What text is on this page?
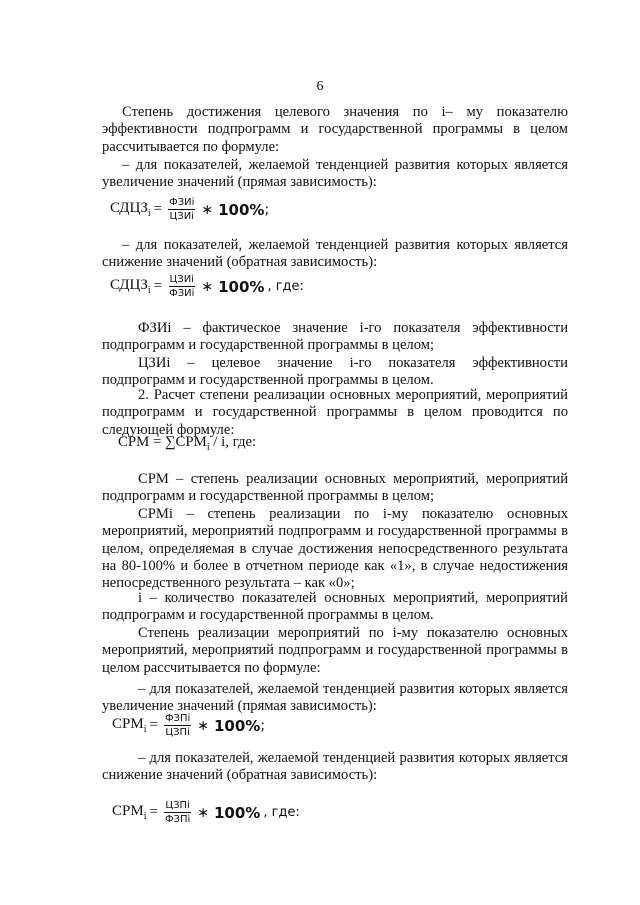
6

Степень достижения целевого значения по i– му показателю эффективности подпрограмм и государственной программы в целом рассчитывается по формуле:

– для показателей, желаемой тенденцией развития которых является увеличение значений (прямая зависимость):

$СДЦЗ_i = \frac{\text{ФЗИi}}{\text{ЦЗИi}}$ ∗ 100% ;

– для показателей, желаемой тенденцией развития которых является снижение значений (обратная зависимость):

$СДЦЗ_i = \frac{\text{ЦЗИi}}{\text{ФЗИi}}$ ∗ 100% , где:

ФЗИi – фактическое значение i-го показателя эффективности подпрограмм и государственной программы в целом;

ЦЗИi – целевое значение i-го показателя эффективности подпрограмм и государственной программы в целом.

2. Расчет степени реализации основных мероприятий, мероприятий подпрограмм и государственной программы в целом проводится по следующей формуле:

СРМ = $\sum СРМ_i$ / i, где:

СРМ – степень реализации основных мероприятий, мероприятий подпрограмм и государственной программы в целом;

СРМi – степень реализации по i-му показателю основных мероприятий, мероприятий подпрограмм и государственной программы в целом, определяемая в случае достижения непосредственного результата на 80-100% и более в отчетном периоде как «1», в случае недостижения непосредственного результата – как «0»;

i – количество показателей основных мероприятий, мероприятий подпрограмм и государственной программы в целом.

Степень реализации мероприятий по i-му показателю основных мероприятий, мероприятий подпрограмм и государственной программы в целом рассчитывается по формуле:

– для показателей, желаемой тенденцией развития которых является увеличение значений (прямая зависимость):

$СРМ_i = \frac{\text{ФЗПi}}{\text{ЦЗПi}}$ ∗ 100% ;

– для показателей, желаемой тенденцией развития которых является снижение значений (обратная зависимость):

$СРМ_i = \frac{\text{ЦЗПi}}{\text{ФЗПi}}$ ∗ 100% , где:
